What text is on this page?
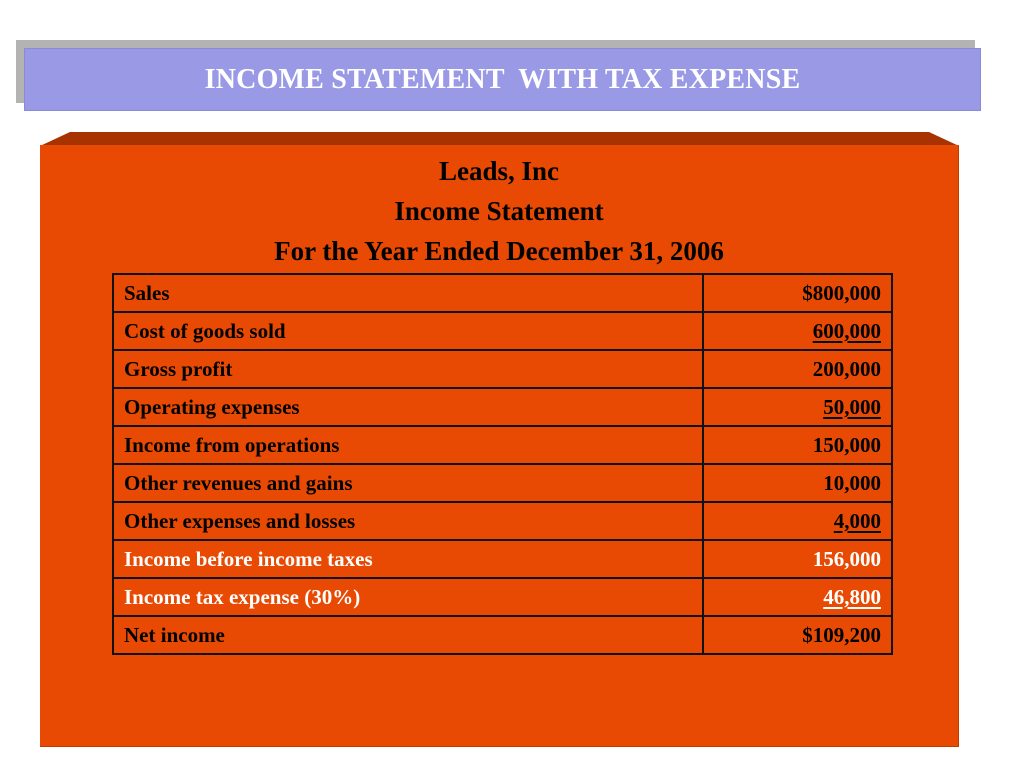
INCOME STATEMENT  WITH TAX EXPENSE
Leads, Inc
Income Statement
For the Year Ended December 31, 2006
Sales	$800,000
Cost of goods sold	600,000
Gross profit	200,000
Operating expenses	50,000
Income from operations	150,000
Other revenues and gains	10,000
Other expenses and losses	4,000
Income before income taxes	156,000
Income tax expense (30%)	46,800
Net income	$109,200
